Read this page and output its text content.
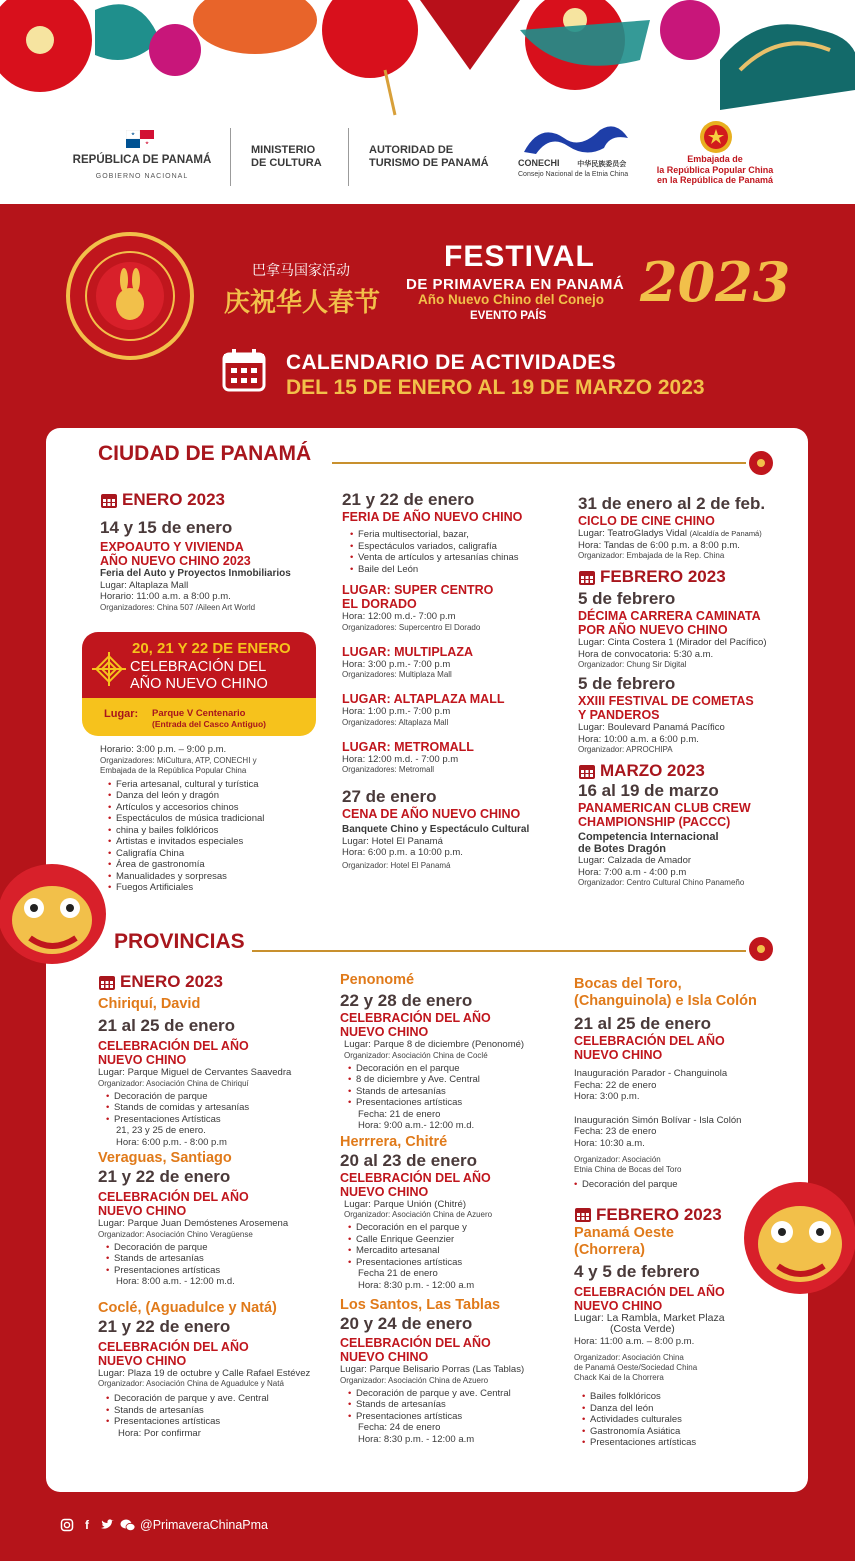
REPÚBLICA DE PANAMÁ
GOBIERNO NACIONAL
MINISTERIO
DE CULTURA
AUTORIDAD DE
TURISMO DE PANAMÁ	CONECHI	中华民族委员会
Consejo Nacional de la Etnia China
Embajada de
la República Popular China
en la República de Panamá
巴拿马国家活动
庆祝华人春节
FESTIVAL
DE PRIMAVERA EN PANAMÁ
Año Nuevo Chino del Conejo
EVENTO PAÍS
2023
CALENDARIO DE ACTIVIDADES
DEL 15 DE ENERO AL 19 DE MARZO 2023
CIUDAD DE PANAMÁ
ENERO 2023
14 y 15 de enero
EXPOAUTO Y VIVIENDA
AÑO NUEVO CHINO 2023
Feria del Auto y Proyectos Inmobiliarios
Lugar: Altaplaza Mall
Horario: 11:00 a.m. a 8:00 p.m.
Organizadores: China 507 /Aileen Art World
20, 21 Y 22 DE ENERO
CELEBRACIÓN DEL
AÑO NUEVO CHINO
Lugar: Parque V Centenario
(Entrada del Casco Antiguo)
Horario: 3:00 p.m. – 9:00 p.m.
Organizadores: MiCultura, ATP, CONECHI y
Embajada de la República Popular China
• Feria artesanal, cultural y turística
• Danza del león y dragón
• Artículos y accesorios chinos
• Espectáculos de música tradicional
• china y bailes folklóricos
• Artistas e invitados especiales
• Caligrafía China
• Área de gastronomía
• Manualidades y sorpresas
• Fuegos Artificiales
21 y 22 de enero
FERIA DE AÑO NUEVO CHINO
• Feria multisectorial, bazar,
• Espectáculos variados, caligrafía
• Venta de artículos y artesanías chinas
• Baile del León
LUGAR: SUPER CENTRO
EL DORADO
Hora: 12:00 m.d.- 7:00 p.m
Organizadores: Supercentro El Dorado
LUGAR: MULTIPLAZA
Hora: 3:00 p.m.- 7:00 p.m
Organizadores: Multiplaza Mall
LUGAR: ALTAPLAZA MALL
Hora: 1:00 p.m.- 7:00 p.m
Organizadores: Altaplaza Mall
LUGAR: METROMALL
Hora: 12:00 m.d. - 7:00 p.m
Organizadores: Metromall
27 de enero
CENA DE AÑO NUEVO CHINO
Banquete Chino y Espectáculo Cultural
Lugar: Hotel El Panamá
Hora: 6:00 p.m. a 10:00 p.m.
Organizador: Hotel El Panamá
31 de enero al 2 de feb.
CICLO DE CINE CHINO
Lugar: TeatroGladys Vidal (Alcaldía de Panamá)
Hora: Tandas de 6:00 p.m. a 8:00 p.m.
Organizador: Embajada de la Rep. China
FEBRERO 2023
5 de febrero
DÉCIMA CARRERA CAMINATA
POR AÑO NUEVO CHINO
Lugar: Cinta Costera 1 (Mirador del Pacífico)
Hora de convocatoria: 5:30 a.m.
Organizador: Chung Sir Digital
5 de febrero
XXIII FESTIVAL DE COMETAS
Y PANDEROS
Lugar: Boulevard Panamá Pacífico
Hora: 10:00 a.m. a 6:00 p.m.
Organizador: APROCHIPA
MARZO 2023
16 al 19 de marzo
PANAMERICAN CLUB CREW
CHAMPIONSHIP (PACCC)
Competencia Internacional
de Botes Dragón
Lugar: Calzada de Amador
Hora: 7:00 a.m - 4:00 p.m
Organizador: Centro Cultural Chino Panameño
PROVINCIAS
ENERO 2023
Chiriquí, David
21 al 25 de enero
CELEBRACIÓN DEL AÑO
NUEVO CHINO
Lugar: Parque Miguel de Cervantes Saavedra
Organizador: Asociación China de Chiriquí
• Decoración de parque
• Stands de comidas y artesanías
• Presentaciones Artísticas
21, 23 y 25 de enero.
Hora: 6:00 p.m. - 8:00 p.m
Veraguas, Santiago
21 y 22 de enero
CELEBRACIÓN DEL AÑO
NUEVO CHINO
Lugar: Parque Juan Demóstenes Arosemena
Organizador: Asociación Chino Veragüense
• Decoración de parque
• Stands de artesanías
• Presentaciones artísticas
Hora: 8:00 a.m. - 12:00 m.d.
Coclé, (Aguadulce y Natá)
21 y 22 de enero
CELEBRACIÓN DEL AÑO
NUEVO CHINO
Lugar: Plaza 19 de octubre y Calle Rafael Estévez
Organizador: Asociación China de Aguadulce y Natá
• Decoración de parque y ave. Central
• Stands de artesanías
• Presentaciones artísticas
Hora: Por confirmar
Penonomé
22 y 28 de enero
CELEBRACIÓN DEL AÑO
NUEVO CHINO
Lugar: Parque 8 de diciembre (Penonomé)
Organizador: Asociación China de Coclé
• Decoración en el parque
• 8 de diciembre y Ave. Central
• Stands de artesanías
• Presentaciones artísticas
Fecha: 21 de enero
Hora: 9:00 a.m.- 12:00 m.d.
Herrrera, Chitré
20 al 23 de enero
CELEBRACIÓN DEL AÑO
NUEVO CHINO
Lugar: Parque Unión (Chitré)
Organizador: Asociación China de Azuero
• Decoración en el parque y
• Calle Enrique Geenzier
• Mercadito artesanal
• Presentaciones artísticas
Fecha 21 de enero
Hora: 8:30 p.m. - 12:00 a.m
Los Santos, Las Tablas
20 y 24 de enero
CELEBRACIÓN DEL AÑO
NUEVO CHINO
Lugar: Parque Belisario Porras (Las Tablas)
Organizador: Asociación China de Azuero
• Decoración de parque y ave. Central
• Stands de artesanías
• Presentaciones artísticas
Fecha: 24 de enero
Hora: 8:30 p.m. - 12:00 a.m
Bocas del Toro,
(Changuinola) e Isla Colón
21 al 25 de enero
CELEBRACIÓN DEL AÑO
NUEVO CHINO
Inauguración Parador - Changuinola
Fecha: 22 de enero
Hora: 3:00 p.m.
Inauguración Simón Bolívar - Isla Colón
Fecha: 23 de enero
Hora: 10:30 a.m.
Organizador: Asociación
Etnia China de Bocas del Toro
• Decoración del parque
FEBRERO 2023
Panamá Oeste
(Chorrera)
4 y 5 de febrero
CELEBRACIÓN DEL AÑO
NUEVO CHINO
Lugar: La Rambla, Market Plaza
(Costa Verde)
Hora: 11:00 a.m. – 8:00 p.m.
Organizador: Asociación China
de Panamá Oeste/Sociedad China
Chack Kai de la Chorrera
• Bailes folklóricos
• Danza del león
• Actividades culturales
• Gastronomía Asiática
• Presentaciones artísticas
f	@PrimaveraChinaPma
